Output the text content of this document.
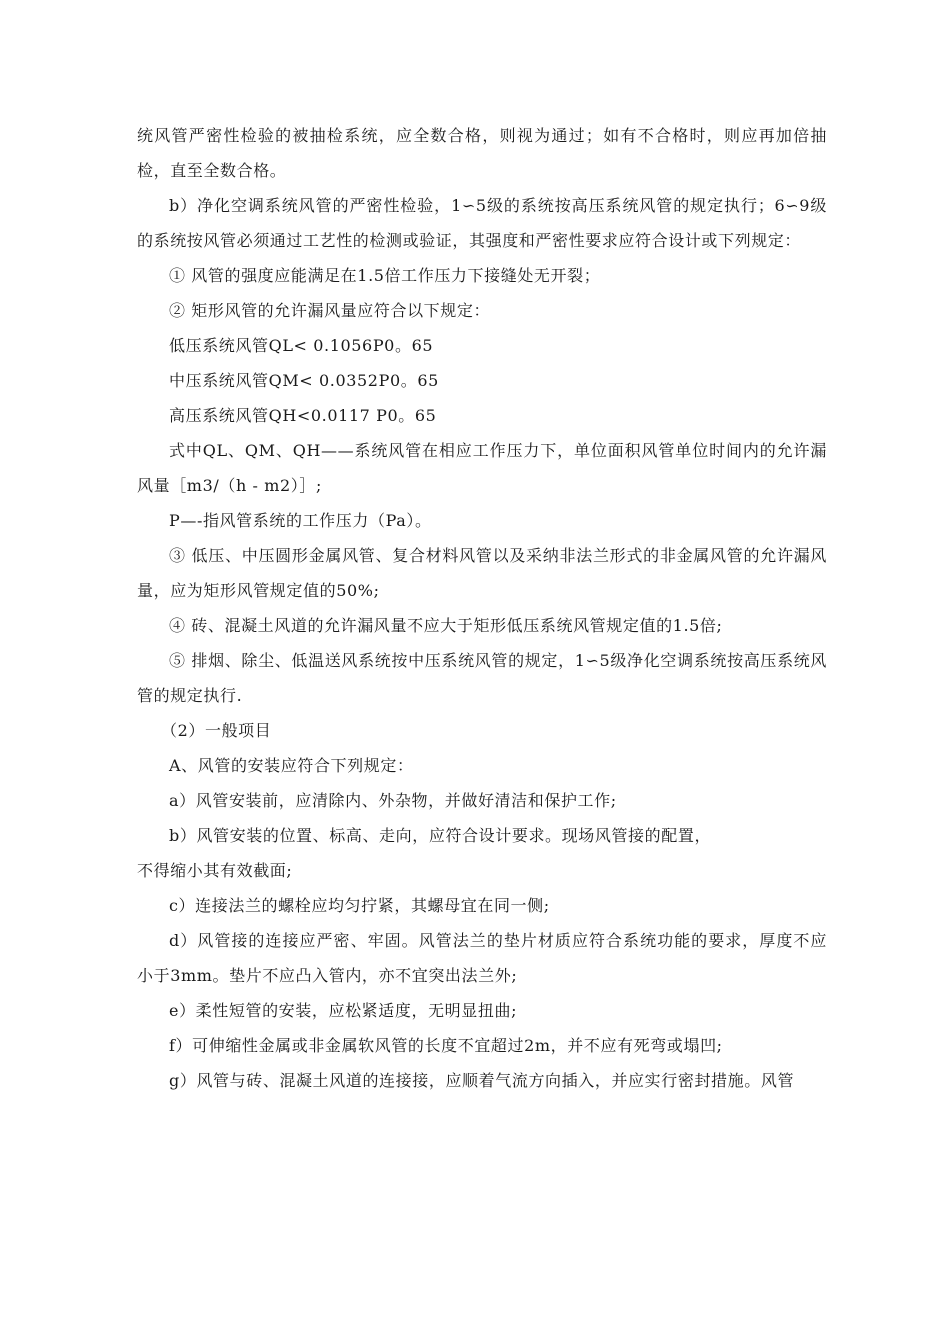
统风管严密性检验的被抽检系统，应全数合格，则视为通过；如有不合格时，则应再加倍抽检，直至全数合格。

b）净化空调系统风管的严密性检验，1∽5级的系统按高压系统风管的规定执行；6∽9级的系统按风管必须通过工艺性的检测或验证，其强度和严密性要求应符合设计或下列规定：

① 风管的强度应能满足在1.5倍工作压力下接缝处无开裂；

② 矩形风管的允许漏风量应符合以下规定：

低压系统风管QL< 0.1056P0。65

中压系统风管QM< 0.0352P0。65

高压系统风管QH<0.0117 P0。65

式中QL、QM、QH——系统风管在相应工作压力下，单位面积风管单位时间内的允许漏风量［m3/（h - m2）］;

P—-指风管系统的工作压力（Pa）。

③ 低压、中压圆形金属风管、复合材料风管以及采纳非法兰形式的非金属风管的允许漏风量，应为矩形风管规定值的50%;

④ 砖、混凝土风道的允许漏风量不应大于矩形低压系统风管规定值的1.5倍;

⑤ 排烟、除尘、低温送风系统按中压系统风管的规定，1∽5级净化空调系统按高压系统风管的规定执行.

（2）一般项目

A、风管的安装应符合下列规定：

a）风管安装前，应清除内、外杂物，并做好清洁和保护工作;

b）风管安装的位置、标高、走向，应符合设计要求。现场风管接的配置，

不得缩小其有效截面;

c）连接法兰的螺栓应均匀拧紧，其螺母宜在同一侧;

d）风管接的连接应严密、牢固。风管法兰的垫片材质应符合系统功能的要求，厚度不应小于3mm。垫片不应凸入管内，亦不宜突出法兰外;

e）柔性短管的安装，应松紧适度，无明显扭曲;

f）可伸缩性金属或非金属软风管的长度不宜超过2m，并不应有死弯或塌凹;

g）风管与砖、混凝土风道的连接接，应顺着气流方向插入，并应实行密封措施。风管
